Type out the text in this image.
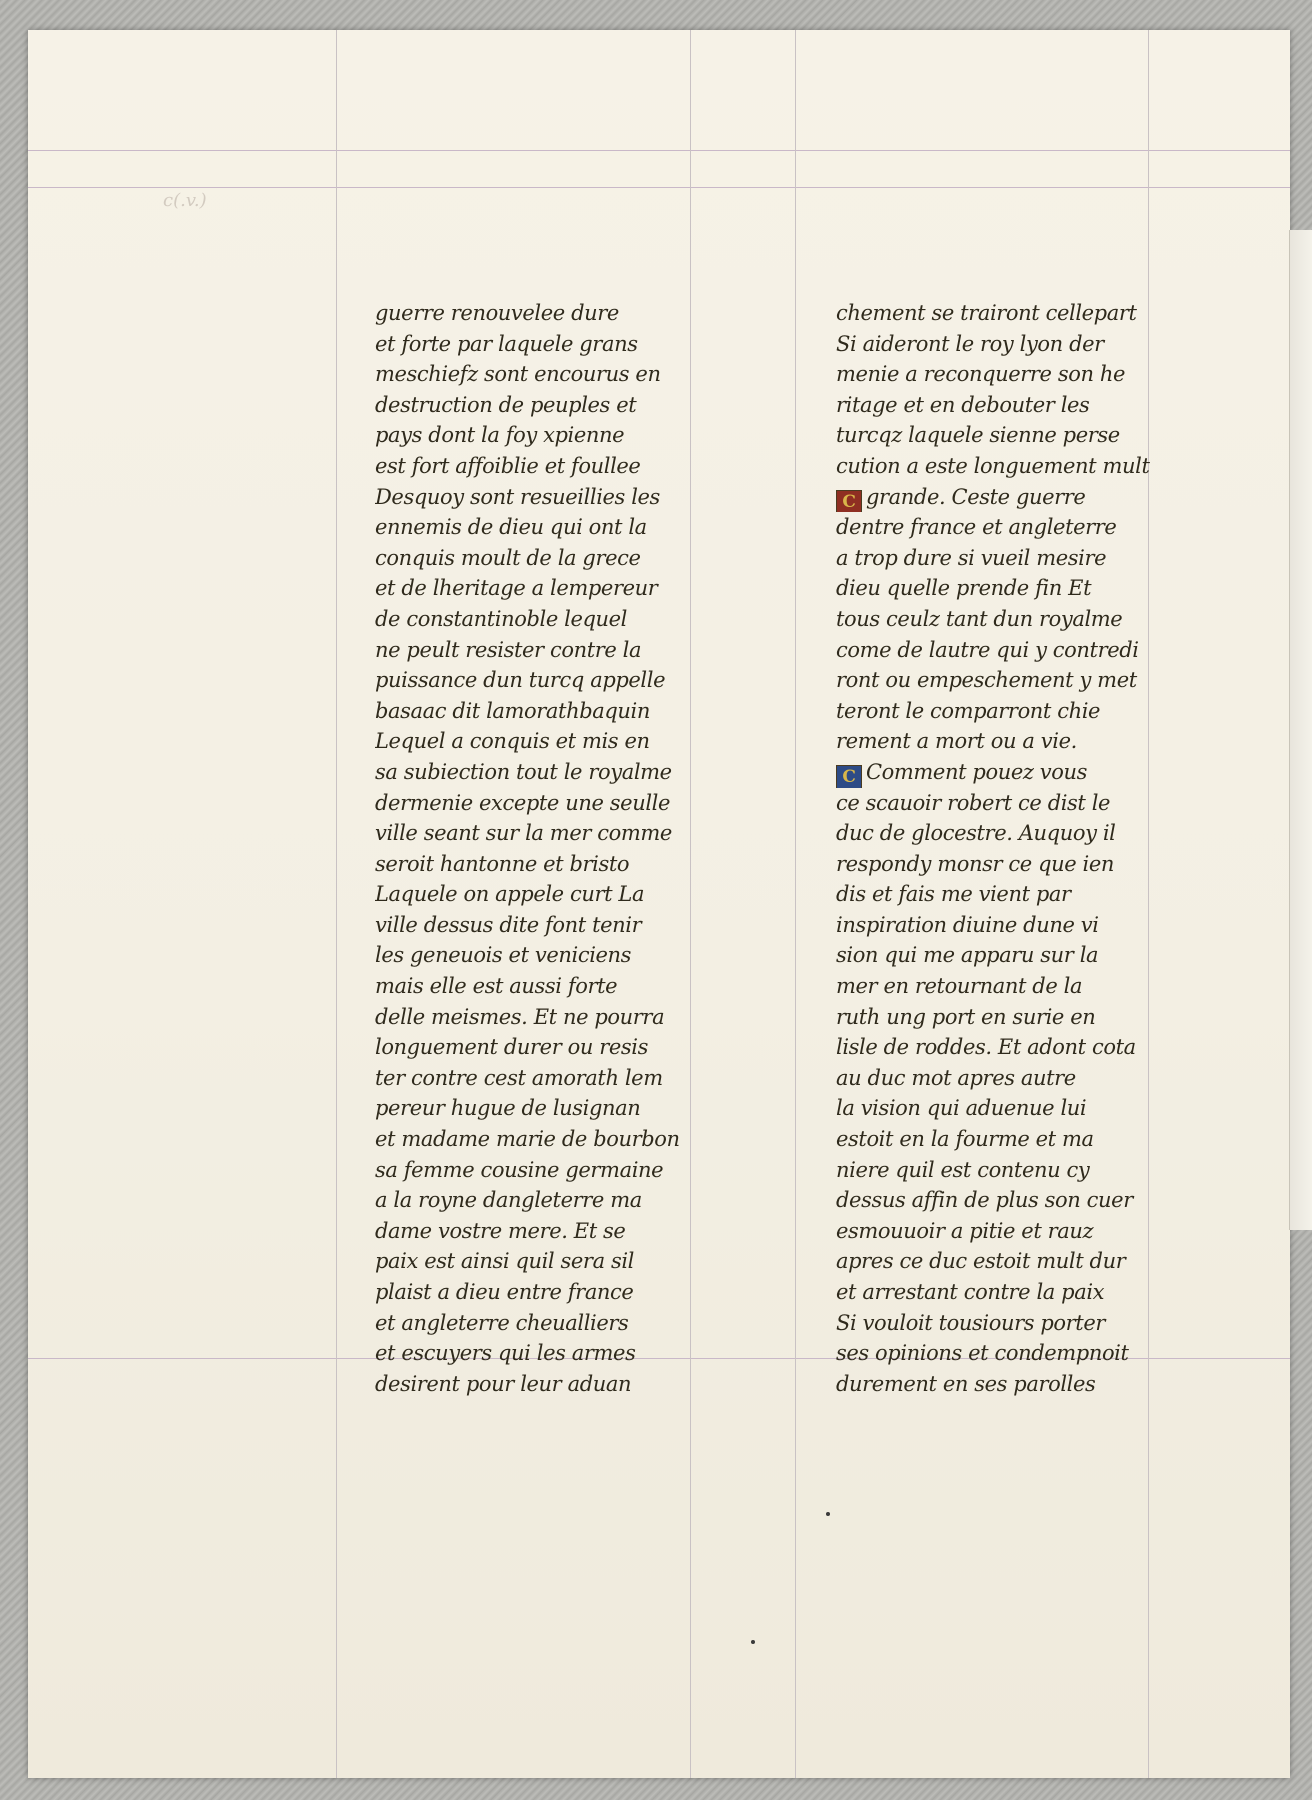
c(.v.)
guerre renouvelee dure
et forte par laquele grans
meschiefz sont encourus en
destruction de peuples et
pays dont la foy xpienne
est fort affoiblie et foullee
Desquoy sont resueillies les
ennemis de dieu qui ont la
conquis moult de la grece
et de lheritage a lempereur
de constantinoble lequel
ne peult resister contre la
puissance dun turcq appelle
basaac dit lamorathbaquin
Lequel a conquis et mis en
sa subiection tout le royalme
dermenie excepte une seulle
ville seant sur la mer comme
seroit hantonne et bristo
Laquele on appele curt La
ville dessus dite font tenir
les geneuois et veniciens
mais elle est aussi forte
delle meismes. Et ne pourra
longuement durer ou resis
ter contre cest amorath lem
pereur hugue de lusignan
et madame marie de bourbon
sa femme cousine germaine
a la royne dangleterre ma
dame vostre mere. Et se
paix est ainsi quil sera sil
plaist a dieu entre france
et angleterre cheualliers
et escuyers qui les armes
desirent pour leur aduan
chement se trairont cellepart
Si aideront le roy lyon der
menie a reconquerre son he
ritage et en debouter les
turcqz laquele sienne perse
cution a este longuement mult
C grande. Ceste guerre
dentre france et angleterre
a trop dure si vueil mesire
dieu quelle prende fin Et
tous ceulz tant dun royalme
come de lautre qui y contredi
ront ou empeschement y met
teront le comparront chie
rement a mort ou a vie.
C Comment pouez vous
ce scauoir robert ce dist le
duc de glocestre. Auquoy il
respondy monsr ce que ien
dis et fais me vient par
inspiration diuine dune vi
sion qui me apparu sur la
mer en retournant de la
ruth ung port en surie en
lisle de roddes. Et adont cota
au duc mot apres autre
la vision qui aduenue lui
estoit en la fourme et ma
niere quil est contenu cy
dessus affin de plus son cuer
esmouuoir a pitie et rauz
apres ce duc estoit mult dur
et arrestant contre la paix
Si vouloit tousiours porter
ses opinions et condempnoit
durement en ses parolles
